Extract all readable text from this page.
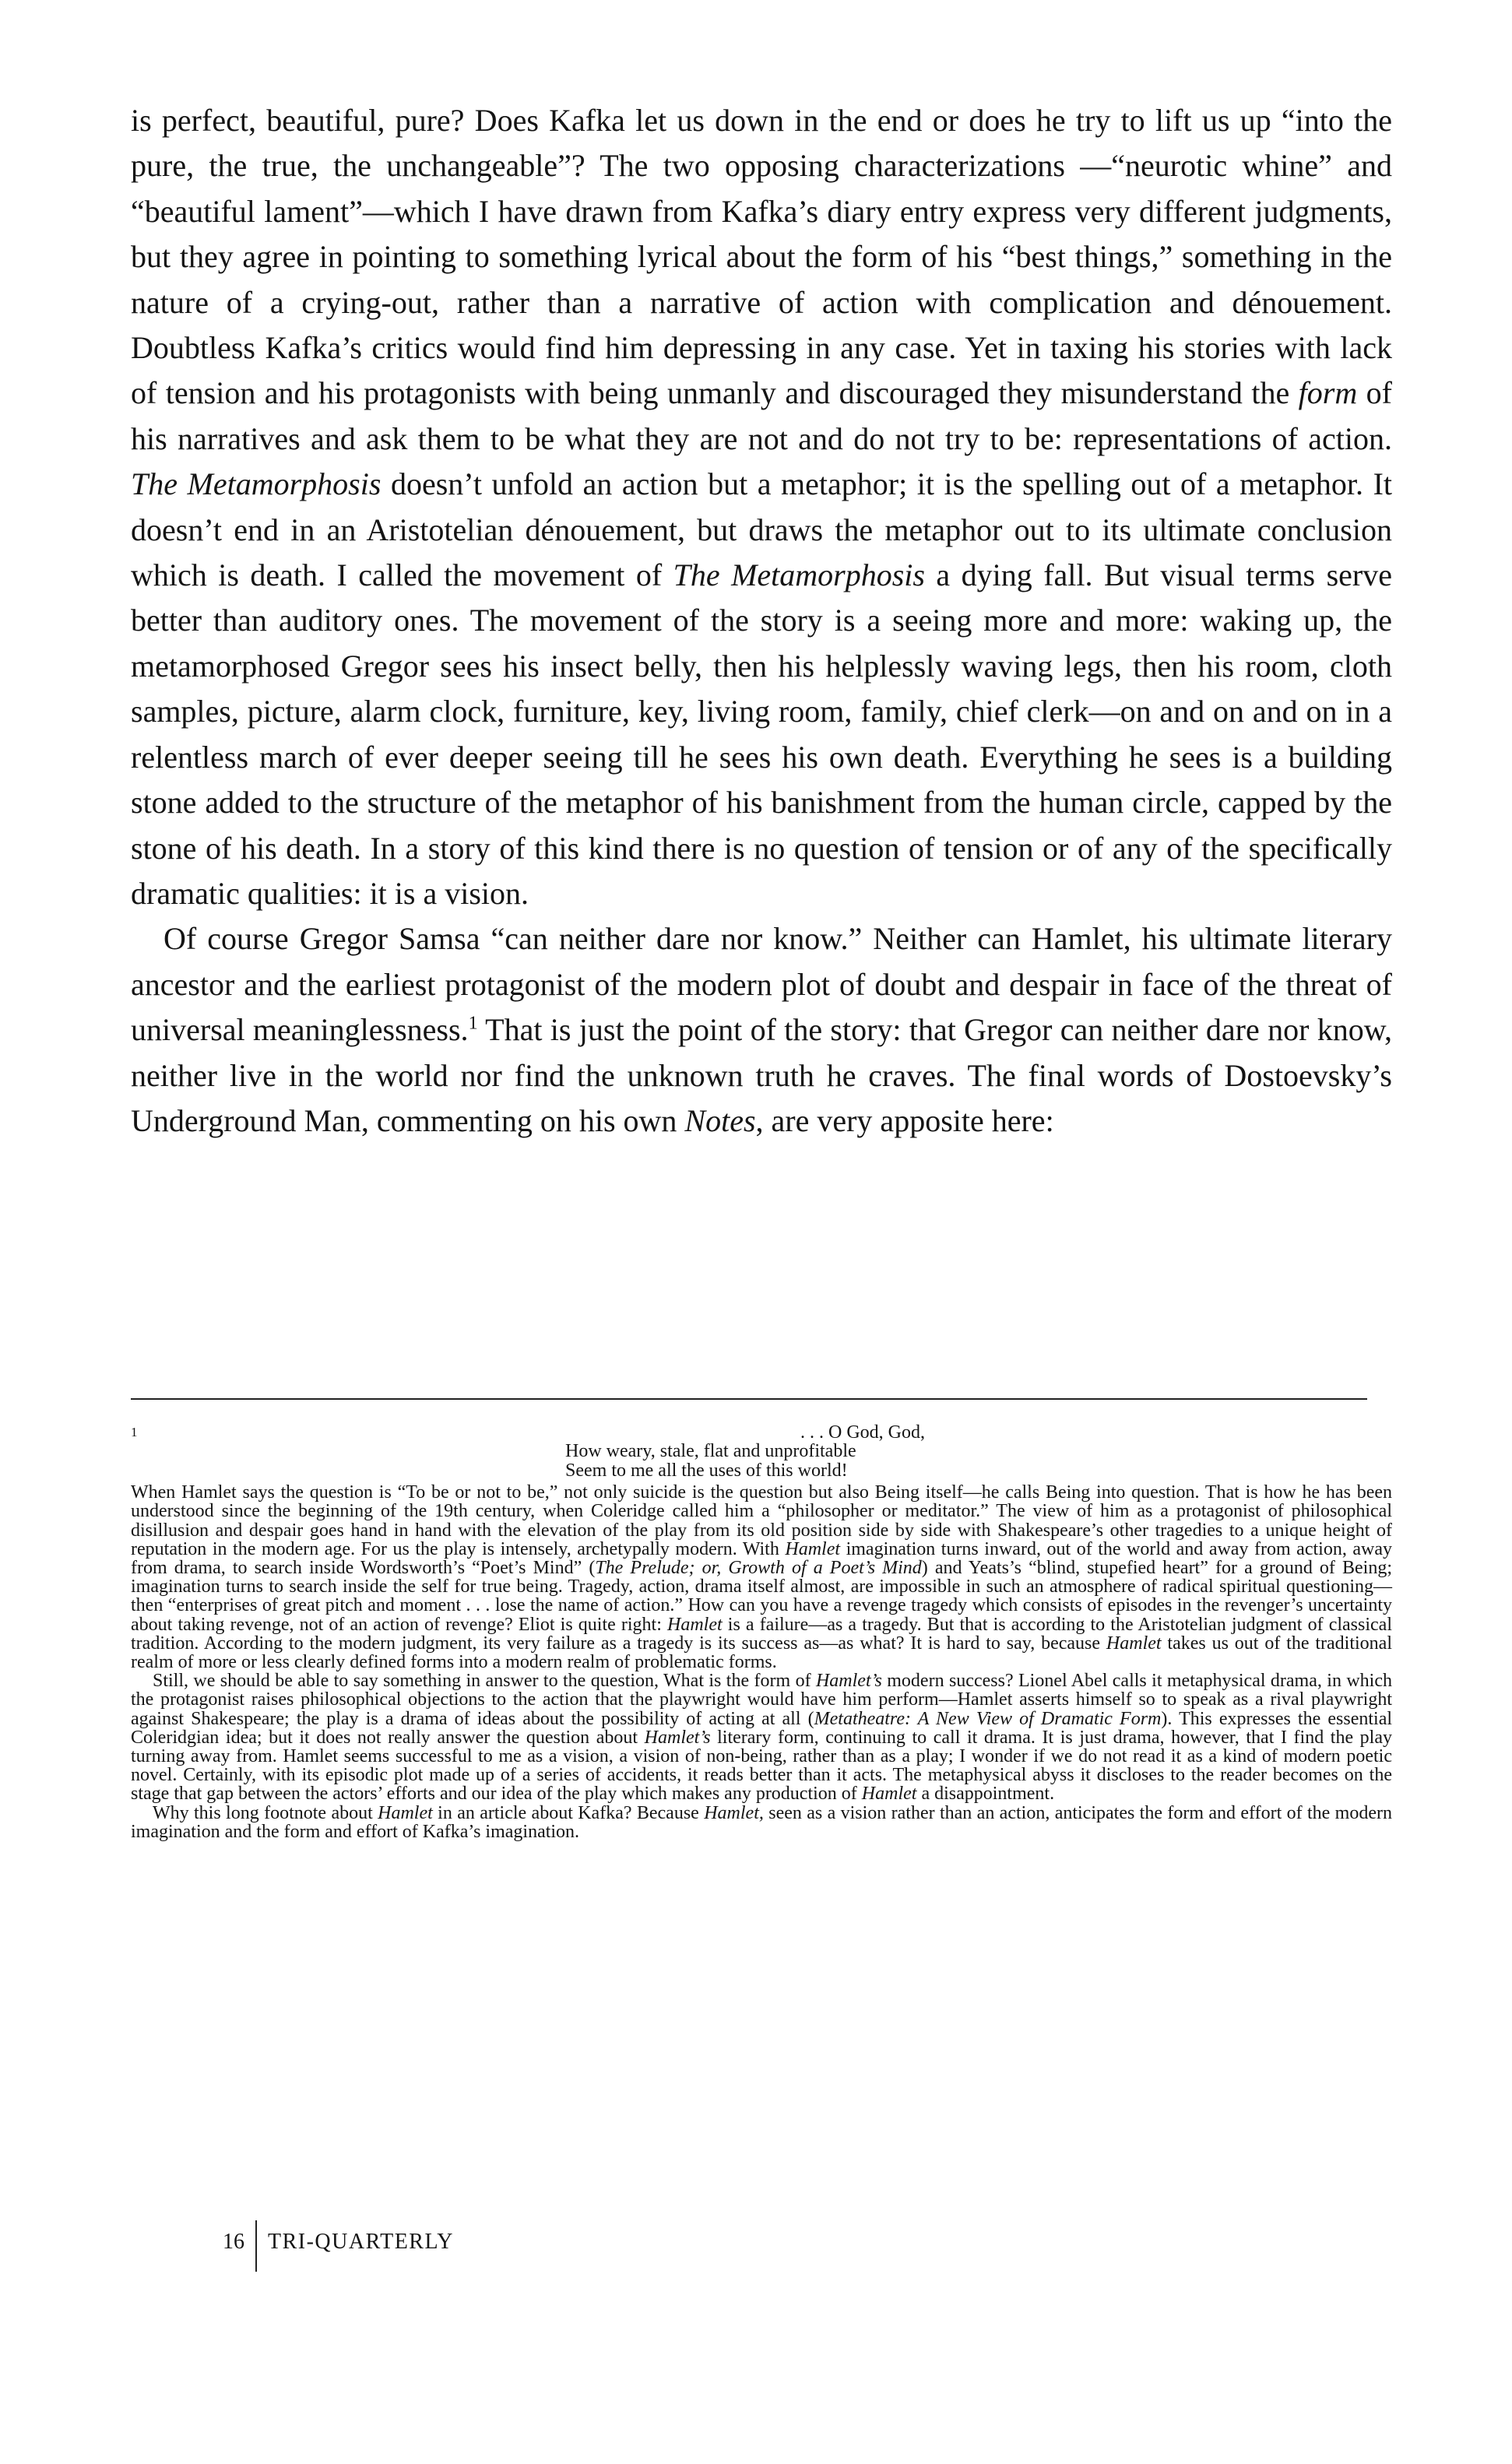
is perfect, beautiful, pure? Does Kafka let us down in the end or does he try to lift us up “into the pure, the true, the unchangeable”? The two opposing characterizations —“neurotic whine” and “beautiful lament”—which I have drawn from Kafka’s diary entry express very different judgments, but they agree in pointing to something lyrical about the form of his “best things,” something in the nature of a crying-out, rather than a narrative of action with complication and dénouement. Doubtless Kafka’s critics would find him depressing in any case. Yet in taxing his stories with lack of tension and his protagonists with being unmanly and discouraged they misunderstand the form of his narratives and ask them to be what they are not and do not try to be: representations of action. The Metamorphosis doesn’t unfold an action but a metaphor; it is the spelling out of a metaphor. It doesn’t end in an Aristotelian dénouement, but draws the metaphor out to its ultimate conclusion which is death. I called the movement of The Metamorphosis a dying fall. But visual terms serve better than auditory ones. The movement of the story is a seeing more and more: waking up, the metamorphosed Gregor sees his insect belly, then his helplessly waving legs, then his room, cloth samples, picture, alarm clock, furniture, key, living room, family, chief clerk—on and on and on in a relentless march of ever deeper seeing till he sees his own death. Everything he sees is a building stone added to the structure of the metaphor of his banishment from the human circle, capped by the stone of his death. In a story of this kind there is no question of tension or of any of the specifically dramatic qualities: it is a vision.

Of course Gregor Samsa “can neither dare nor know.” Neither can Hamlet, his ultimate literary ancestor and the earliest protagonist of the modern plot of doubt and despair in face of the threat of universal meaninglessness.$^1$ That is just the point of the story: that Gregor can neither dare nor know, neither live in the world nor find the unknown truth he craves. The final words of Dostoevsky’s Underground Man, commenting on his own Notes, are very apposite here:

1	. . . O God, God,
How weary, stale, flat and unprofitable
Seem to me all the uses of this world!

When Hamlet says the question is “To be or not to be,” not only suicide is the question but also Being itself—he calls Being into question. That is how he has been understood since the beginning of the 19th century, when Coleridge called him a “philosopher or meditator.” The view of him as a protagonist of philosophical disillusion and despair goes hand in hand with the elevation of the play from its old position side by side with Shakespeare’s other tragedies to a unique height of reputation in the modern age. For us the play is intensely, archetypally modern. With Hamlet imagination turns inward, out of the world and away from action, away from drama, to search inside Wordsworth’s “Poet’s Mind” (The Prelude; or, Growth of a Poet’s Mind) and Yeats’s “blind, stupefied heart” for a ground of Being; imagination turns to search inside the self for true being. Tragedy, action, drama itself almost, are impossible in such an atmosphere of radical spiritual questioning—then “enterprises of great pitch and moment . . . lose the name of action.” How can you have a revenge tragedy which consists of episodes in the revenger’s uncertainty about taking revenge, not of an action of revenge? Eliot is quite right: Hamlet is a failure—as a tragedy. But that is according to the Aristotelian judgment of classical tradition. According to the modern judgment, its very failure as a tragedy is its success as—as what? It is hard to say, because Hamlet takes us out of the traditional realm of more or less clearly defined forms into a modern realm of problematic forms.

Still, we should be able to say something in answer to the question, What is the form of Hamlet’s modern success? Lionel Abel calls it metaphysical drama, in which the protagonist raises philosophical objections to the action that the playwright would have him perform—Hamlet asserts himself so to speak as a rival playwright against Shakespeare; the play is a drama of ideas about the possibility of acting at all (Metatheatre: A New View of Dramatic Form). This expresses the essential Coleridgian idea; but it does not really answer the question about Hamlet’s literary form, continuing to call it drama. It is just drama, however, that I find the play turning away from. Hamlet seems successful to me as a vision, a vision of non-being, rather than as a play; I wonder if we do not read it as a kind of modern poetic novel. Certainly, with its episodic plot made up of a series of accidents, it reads better than it acts. The metaphysical abyss it discloses to the reader becomes on the stage that gap between the actors’ efforts and our idea of the play which makes any production of Hamlet a disappointment.

Why this long footnote about Hamlet in an article about Kafka? Because Hamlet, seen as a vision rather than an action, anticipates the form and effort of the modern imagination and the form and effort of Kafka’s imagination.

16	TRI-QUARTERLY
